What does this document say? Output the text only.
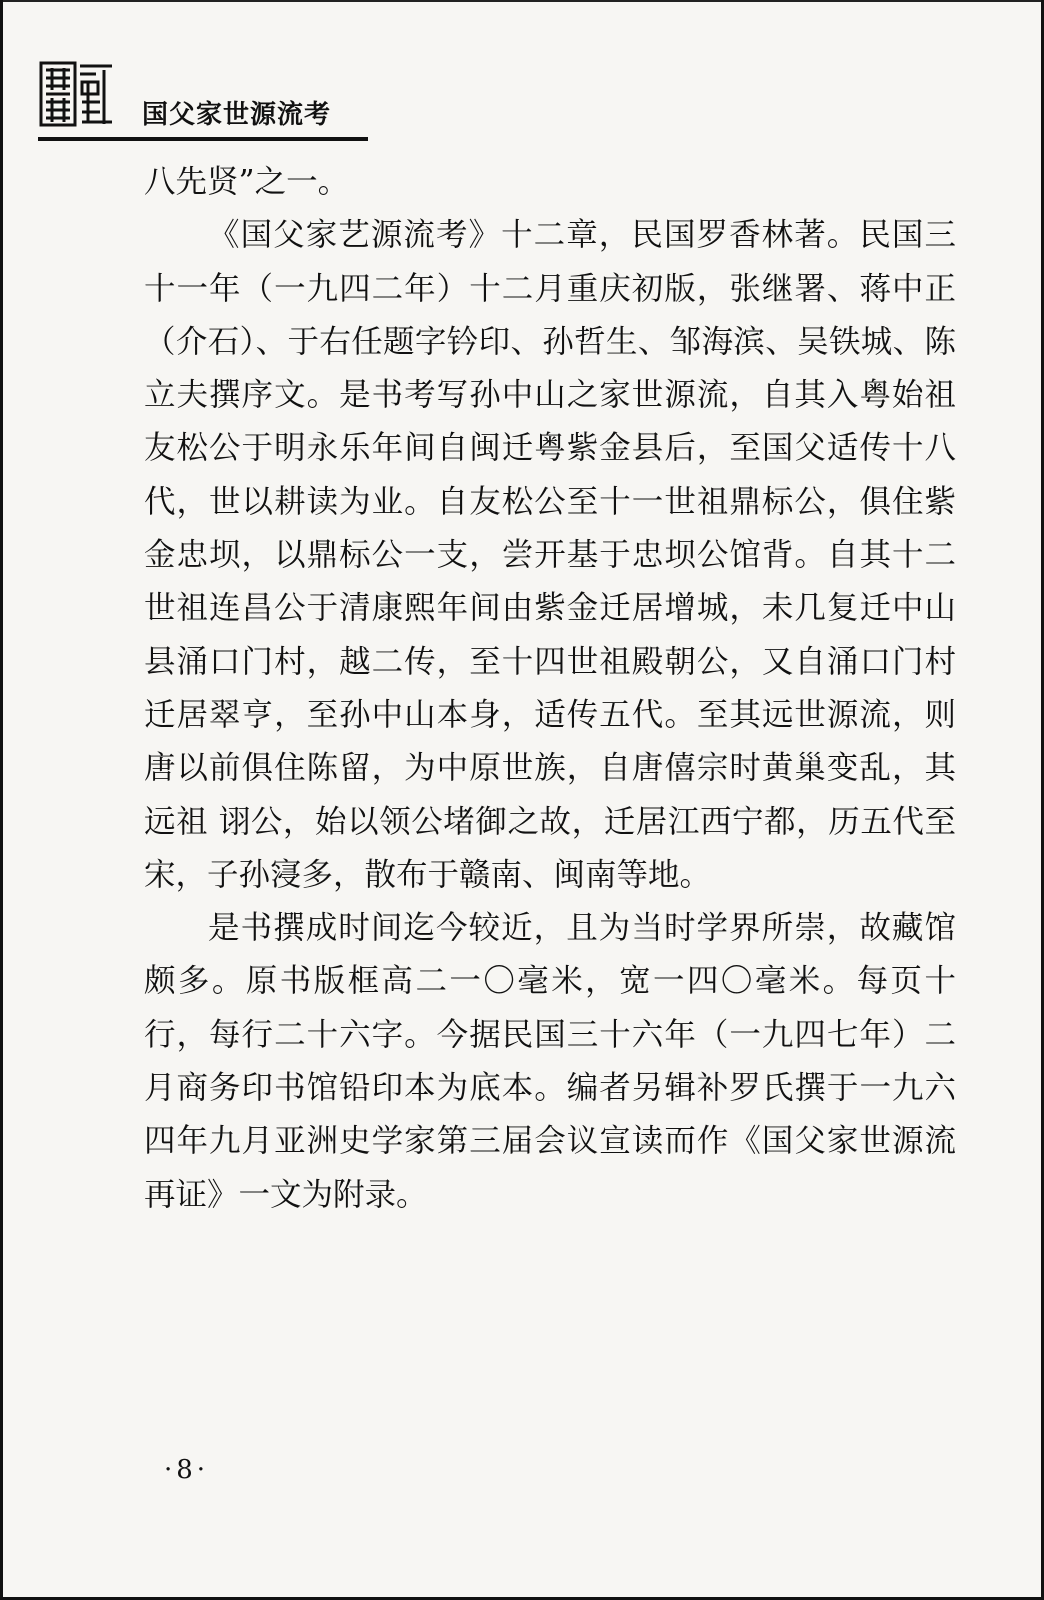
国父家世源流考

八先贤”之一。

《国父家艺源流考》十二章，民国罗香林著。民国三十一年（一九四二年）十二月重庆初版，张继署、蒋中正（介石）、于右任题字钤印、孙哲生、邹海滨、吴铁城、陈立夫撰序文。是书考写孙中山之家世源流，自其入粤始祖友松公于明永乐年间自闽迁粤紫金县后，至国父适传十八代，世以耕读为业。自友松公至十一世祖鼎标公，俱住紫金忠坝，以鼎标公一支，尝开基于忠坝公馆背。自其十二世祖连昌公于清康熙年间由紫金迁居增城，未几复迁中山县涌口门村，越二传，至十四世祖殿朝公，又自涌口门村迁居翠亨，至孙中山本身，适传五代。至其远世源流，则唐以前俱住陈留，为中原世族，自唐僖宗时黄巢变乱，其远祖 诩公，始以领公堵御之故，迁居江西宁都，历五代至宋，子孙寖多，散布于赣南、闽南等地。

是书撰成时间迄今较近，且为当时学界所崇，故藏馆颇多。原书版框高二一〇毫米，宽一四〇毫米。每页十行，每行二十六字。今据民国三十六年（一九四七年）二月商务印书馆铅印本为底本。编者另辑补罗氏撰于一九六四年九月亚洲史学家第三届会议宣读而作《国父家世源流再证》一文为附录。

·8·
